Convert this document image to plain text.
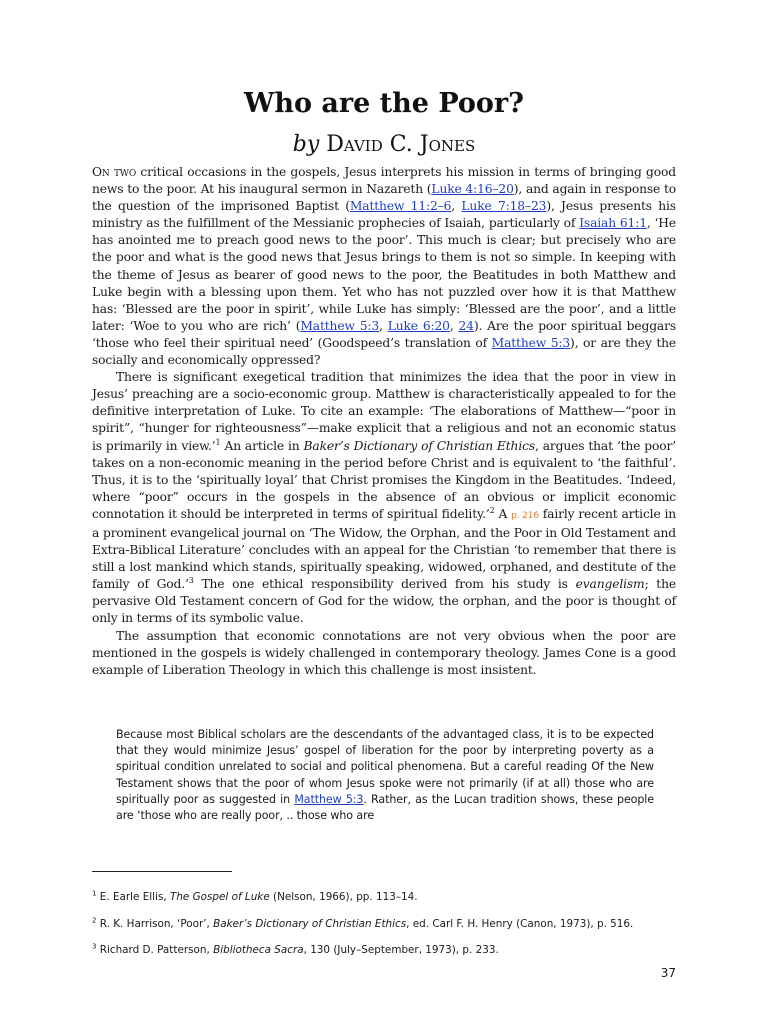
Who are the Poor?
by David C. Jones

On two critical occasions in the gospels, Jesus interprets his mission in terms of bringing good news to the poor. At his inaugural sermon in Nazareth (Luke 4:16–20), and again in response to the question of the imprisoned Baptist (Matthew 11:2–6, Luke 7:18–23), Jesus presents his ministry as the fulfillment of the Messianic prophecies of Isaiah, particularly of Isaiah 61:1, ‘He has anointed me to preach good news to the poor’. This much is clear; but precisely who are the poor and what is the good news that Jesus brings to them is not so simple. In keeping with the theme of Jesus as bearer of good news to the poor, the Beatitudes in both Matthew and Luke begin with a blessing upon them. Yet who has not puzzled over how it is that Matthew has: ‘Blessed are the poor in spirit’, while Luke has simply: ‘Blessed are the poor’, and a little later: ‘Woe to you who are rich’ (Matthew 5:3, Luke 6:20, 24). Are the poor spiritual beggars ‘those who feel their spiritual need’ (Goodspeed’s translation of Matthew 5:3), or are they the socially and economically oppressed?

There is significant exegetical tradition that minimizes the idea that the poor in view in Jesus’ preaching are a socio-economic group. Matthew is characteristically appealed to for the definitive interpretation of Luke. To cite an example: ‘The elaborations of Matthew—“poor in spirit”, “hunger for righteousness”—make explicit that a religious and not an economic status is primarily in view.’$^1$ An article in Baker’s Dictionary of Christian Ethics, argues that ‘the poor’ takes on a non-economic meaning in the period before Christ and is equivalent to ‘the faithful’. Thus, it is to the ‘spiritually loyal’ that Christ promises the Kingdom in the Beatitudes. ‘Indeed, where “poor” occurs in the gospels in the absence of an obvious or implicit economic connotation it should be interpreted in terms of spiritual fidelity.’$^2$ A p. 216 fairly recent article in a prominent evangelical journal on ‘The Widow, the Orphan, and the Poor in Old Testament and Extra-Biblical Literature’ concludes with an appeal for the Christian ‘to remember that there is still a lost mankind which stands, spiritually speaking, widowed, orphaned, and destitute of the family of God.’$^3$ The one ethical responsibility derived from his study is evangelism; the pervasive Old Testament concern of God for the widow, the orphan, and the poor is thought of only in terms of its symbolic value.

The assumption that economic connotations are not very obvious when the poor are mentioned in the gospels is widely challenged in contemporary theology. James Cone is a good example of Liberation Theology in which this challenge is most insistent.

Because most Biblical scholars are the descendants of the advantaged class, it is to be expected that they would minimize Jesus’ gospel of liberation for the poor by interpreting poverty as a spiritual condition unrelated to social and political phenomena. But a careful reading Of the New Testament shows that the poor of whom Jesus spoke were not primarily (if at all) those who are spiritually poor as suggested in Matthew 5:3. Rather, as the Lucan tradition shows, these people are ‘those who are really poor, .. those who are

$^1$ E. Earle Ellis, The Gospel of Luke (Nelson, 1966), pp. 113–14.
$^2$ R. K. Harrison, ‘Poor’, Baker’s Dictionary of Christian Ethics, ed. Carl F. H. Henry (Canon, 1973), p. 516.
$^3$ Richard D. Patterson, Bibliotheca Sacra, 130 (July–September, 1973), p. 233.
37
